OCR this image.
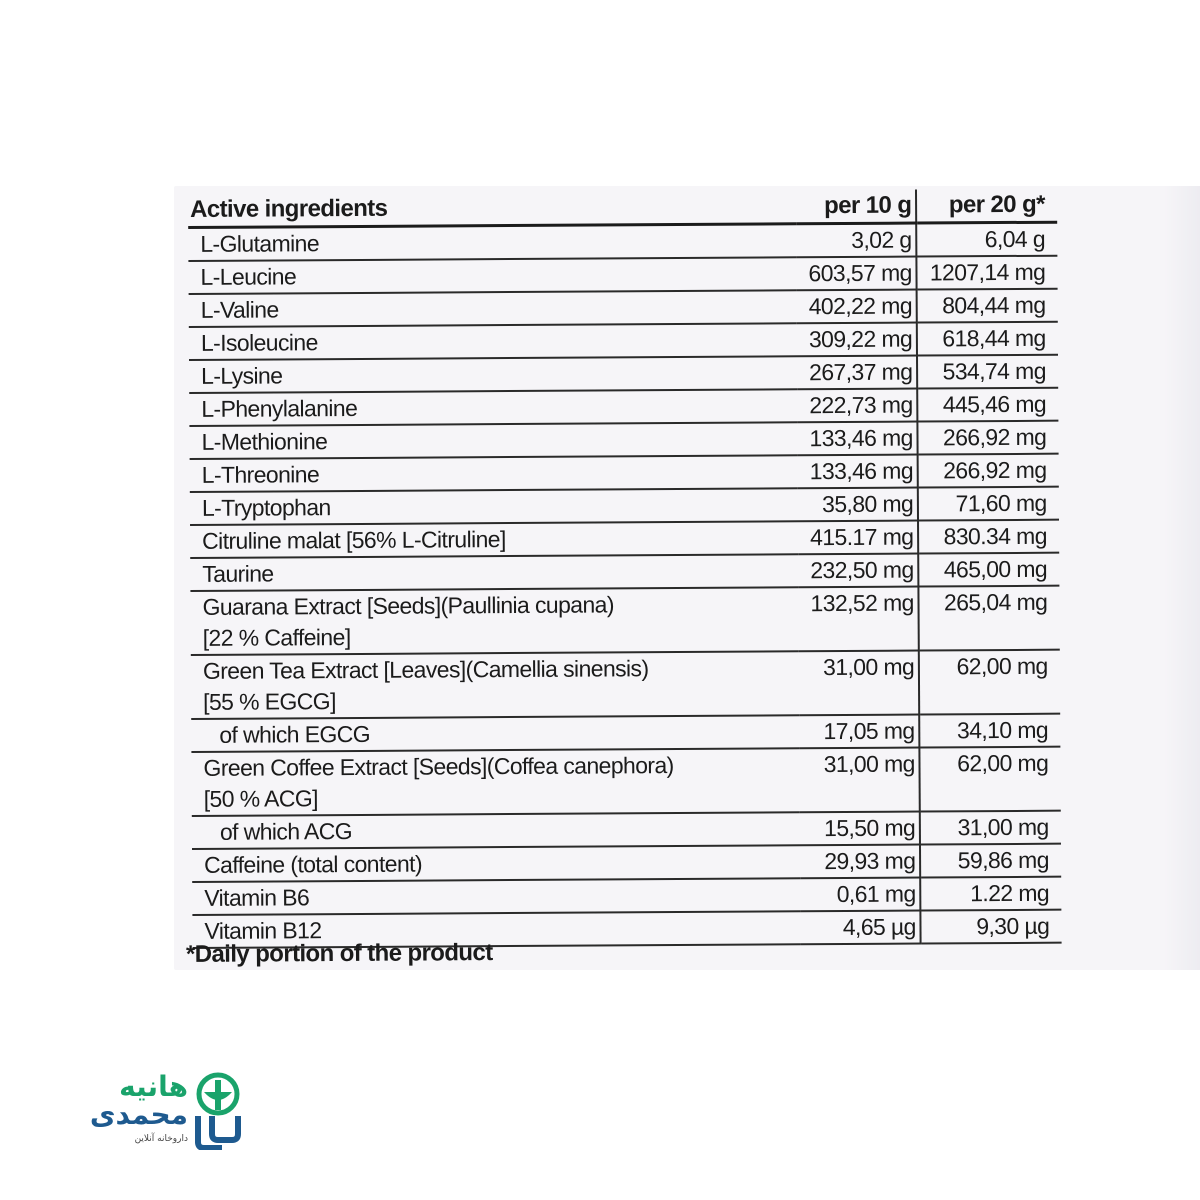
Active ingredients	per 10 g	per 20 g*
L-Glutamine	3,02 g	6,04 g
L-Leucine	603,57 mg	1207,14 mg
L-Valine	402,22 mg	804,44 mg
L-Isoleucine	309,22 mg	618,44 mg
L-Lysine	267,37 mg	534,74 mg
L-Phenylalanine	222,73 mg	445,46 mg
L-Methionine	133,46 mg	266,92 mg
L-Threonine	133,46 mg	266,92 mg
L-Tryptophan	35,80 mg	71,60 mg
Citruline malat [56% L-Citruline]	415.17 mg	830.34 mg
Taurine	232,50 mg	465,00 mg

Guarana Extract [Seeds](Paullinia cupana)
[22 % Caffeine]	132,52 mg	265,04 mg

Green Tea Extract [Leaves](Camellia sinensis)
[55 % EGCG]	31,00 mg	62,00 mg
of which EGCG	17,05 mg	34,10 mg

Green Coffee Extract [Seeds](Coffea canephora)
[50 % ACG]	31,00 mg	62,00 mg
of which ACG	15,50 mg	31,00 mg
Caffeine (total content)	29,93 mg	59,86 mg
Vitamin B6	0,61 mg	1.22 mg
Vitamin B12	4,65 µg	9,30 µg
*Daily portion of the product
هانیه
محمدی
داروخانه آنلاین
